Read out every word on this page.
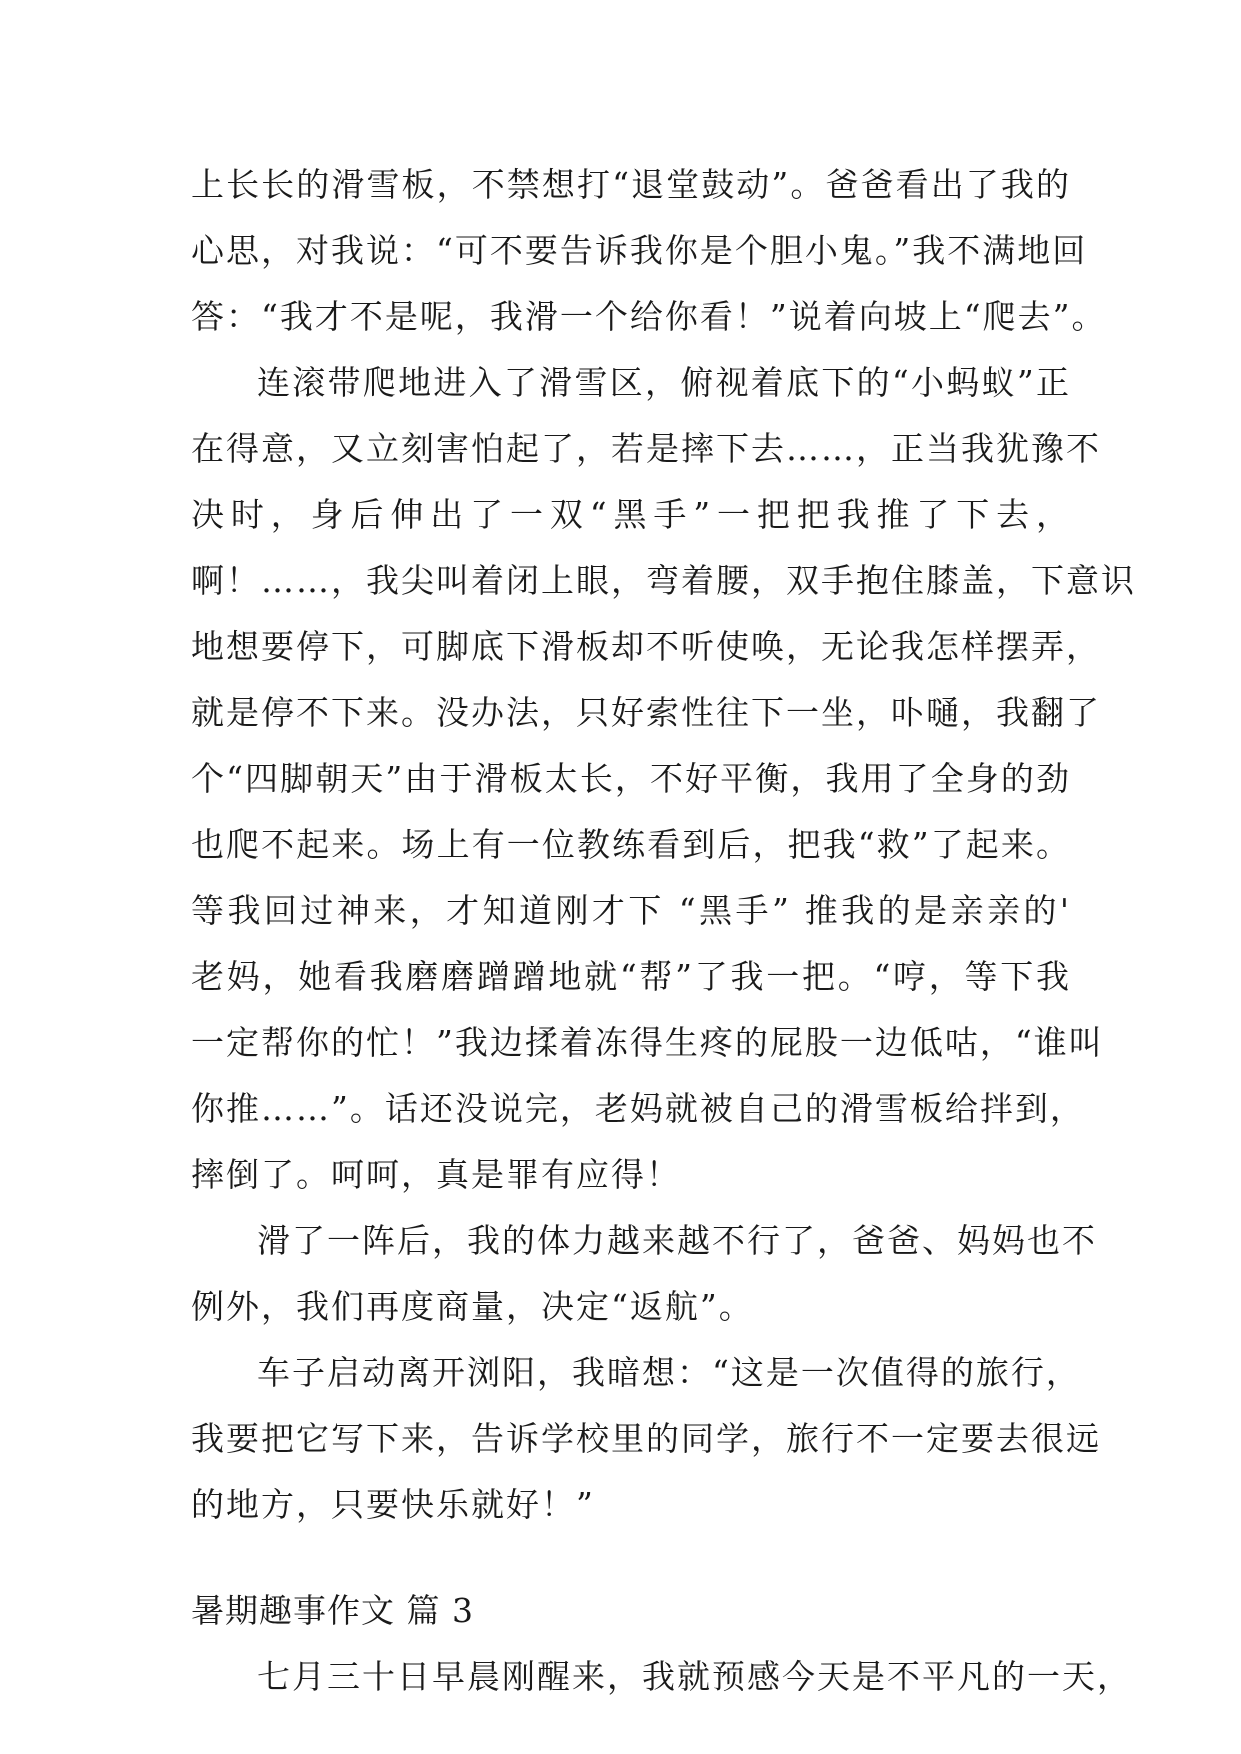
上长长的滑雪板，不禁想打“退堂鼓动”。爸爸看出了我的
心思，对我说：“可不要告诉我你是个胆小鬼。”我不满地回
答：“我才不是呢，我滑一个给你看！”说着向坡上“爬去”。
连滚带爬地进入了滑雪区，俯视着底下的“小蚂蚁”正
在得意，又立刻害怕起了，若是摔下去……，正当我犹豫不
决时，身后伸出了一双“黑手”一把把我推了下去，
啊！……，我尖叫着闭上眼，弯着腰，双手抱住膝盖，下意识
地想要停下，可脚底下滑板却不听使唤，无论我怎样摆弄，
就是停不下来。没办法，只好索性往下一坐，卟嗵，我翻了
个“四脚朝天”由于滑板太长，不好平衡，我用了全身的劲
也爬不起来。场上有一位教练看到后，把我“救”了起来。
等我回过神来，才知道刚才下 “黑手” 推我的是亲亲的'
老妈，她看我磨磨蹭蹭地就“帮”了我一把。“哼，等下我
一定帮你的忙！”我边揉着冻得生疼的屁股一边低咕，“谁叫
你推……”。话还没说完，老妈就被自己的滑雪板给拌到，
摔倒了。呵呵，真是罪有应得！
滑了一阵后，我的体力越来越不行了，爸爸、妈妈也不
例外，我们再度商量，决定“返航”。
车子启动离开浏阳，我暗想：“这是一次值得的旅行，
我要把它写下来，告诉学校里的同学，旅行不一定要去很远
的地方，只要快乐就好！”
暑期趣事作文 篇 3
七月三十日早晨刚醒来，我就预感今天是不平凡的一天，
